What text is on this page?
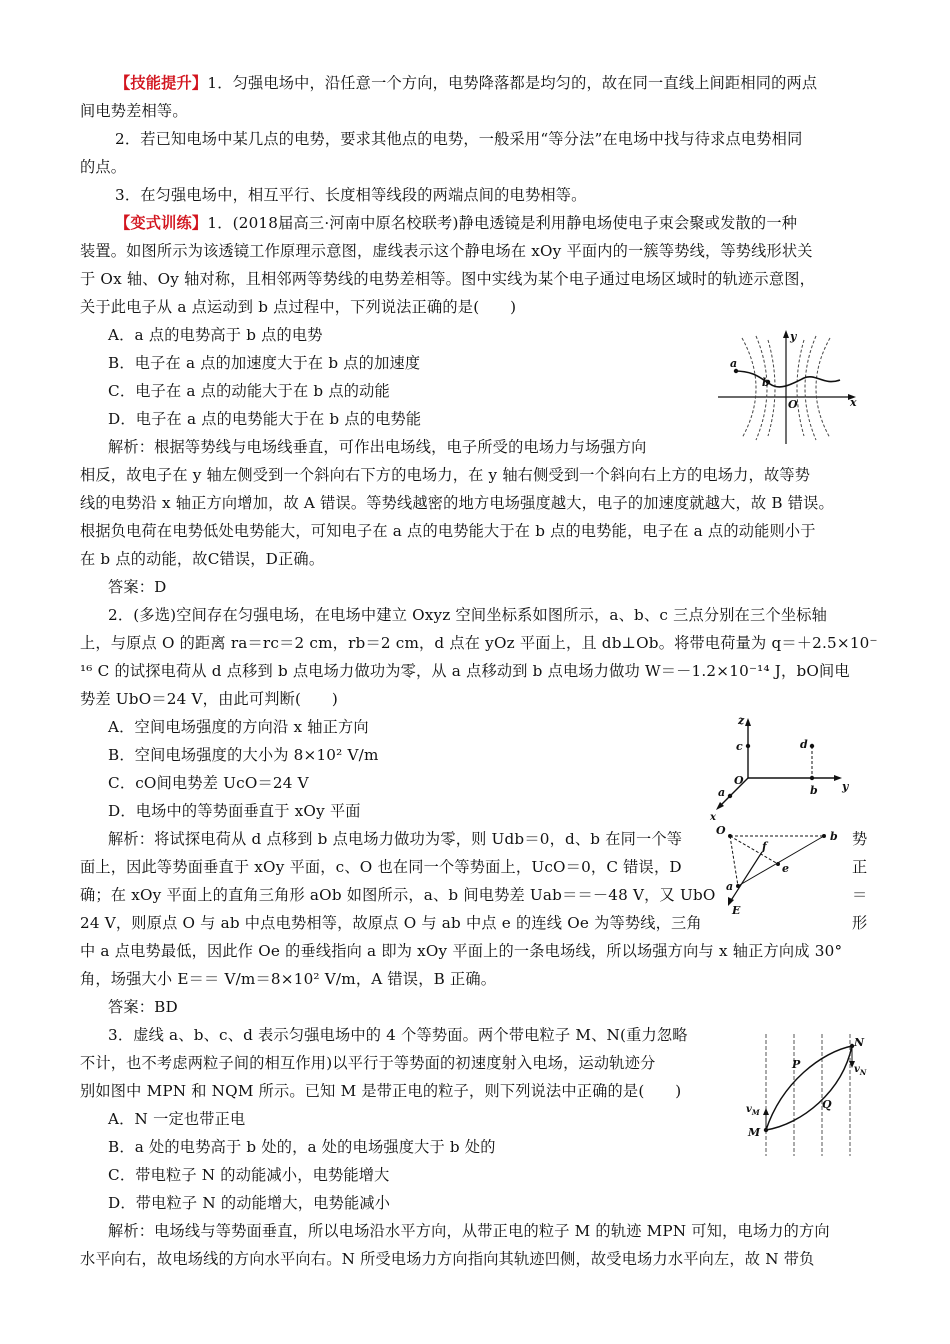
【技能提升】1．匀强电场中，沿任意一个方向，电势降落都是均匀的，故在同一直线上间距相同的两点
间电势差相等。
2．若已知电场中某几点的电势，要求其他点的电势，一般采用“等分法”在电场中找与待求点电势相同
的点。
3．在匀强电场中，相互平行、长度相等线段的两端点间的电势相等。
【变式训练】1．(2018届高三·河南中原名校联考)静电透镜是利用静电场使电子束会聚或发散的一种
装置。如图所示为该透镜工作原理示意图，虚线表示这个静电场在 xOy 平面内的一簇等势线，等势线形状关
于 Ox 轴、Oy 轴对称，且相邻两等势线的电势差相等。图中实线为某个电子通过电场区域时的轨迹示意图，
关于此电子从 a 点运动到 b 点过程中，下列说法正确的是(　　)
A．a 点的电势高于 b 点的电势
B．电子在 a 点的加速度大于在 b 点的加速度
C．电子在 a 点的动能大于在 b 点的动能
D．电子在 a 点的电势能大于在 b 点的电势能
解析：根据等势线与电场线垂直，可作出电场线，电子所受的电场力与场强方向
相反，故电子在 y 轴左侧受到一个斜向右下方的电场力，在 y 轴右侧受到一个斜向右上方的电场力，故等势
线的电势沿 x 轴正方向增加，故 A 错误。等势线越密的地方电场强度越大，电子的加速度就越大，故 B 错误。
根据负电荷在电势低处电势能大，可知电子在 a 点的电势能大于在 b 点的电势能，电子在 a 点的动能则小于
在 b 点的动能，故C错误，D正确。
答案：D
y
a
b
O	x
2．(多选)空间存在匀强电场，在电场中建立 Oxyz 空间坐标系如图所示，a、b、c 三点分别在三个坐标轴
上，与原点 O 的距离 ra＝rc＝2 cm，rb＝2 cm，d 点在 yOz 平面上，且 db⊥Ob。将带电荷量为 q＝＋2.5×10⁻
¹⁶ C 的试探电荷从 d 点移到 b 点电场力做功为零，从 a 点移动到 b 点电场力做功 W＝－1.2×10⁻¹⁴ J，bO间电
势差 UbO＝24 V，由此可判断(　　)
A．空间电场强度的方向沿 x 轴正方向
B．空间电场强度的大小为 8×10² V/m
C．cO间电势差 UcO＝24 V
D．电场中的等势面垂直于 xOy 平面
解析：将试探电荷从 d 点移到 b 点电场力做功为零，则 Udb＝0，d、b 在同一个等	势
面上，因此等势面垂直于 xOy 平面，c、O 也在同一个等势面上，UcO＝0，C 错误，D	正
确；在 xOy 平面上的直角三角形 aOb 如图所示，a、b 间电势差 Uab＝＝－48 V，又 UbO	＝
24 V，则原点 O 与 ab 中点电势相等，故原点 O 与 ab 中点 e 的连线 Oe 为等势线，三角	形
中 a 点电势最低，因此作 Oe 的垂线指向 a 即为 xOy 平面上的一条电场线，所以场强方向与 x 轴正方向成 30°
角，场强大小 E＝＝ V/m＝8×10² V/m，A 错误，B 正确。
答案：BD
z
c	d
O
a
x
b y
O	b
f
e
a
E
3．虚线 a、b、c、d 表示匀强电场中的 4 个等势面。两个带电粒子 M、N(重力忽略
不计，也不考虑两粒子间的相互作用)以平行于等势面的初速度射入电场，运动轨迹分
别如图中 MPN 和 NQM 所示。已知 M 是带正电的粒子，则下列说法中正确的是(　　)
A．N 一定也带正电
B．a 处的电势高于 b 处的，a 处的电场强度大于 b 处的
C．带电粒子 N 的动能减小，电势能增大
D．带电粒子 N 的动能增大，电势能减小
解析：电场线与等势面垂直，所以电场沿水平方向，从带正电的粒子 M 的轨迹 MPN 可知，电场力的方向
水平向右，故电场线的方向水平向右。N 所受电场力方向指向其轨迹凹侧，故受电场力水平向左，故 N 带负
N
P	$v_N$
Q
$v_M$
M
